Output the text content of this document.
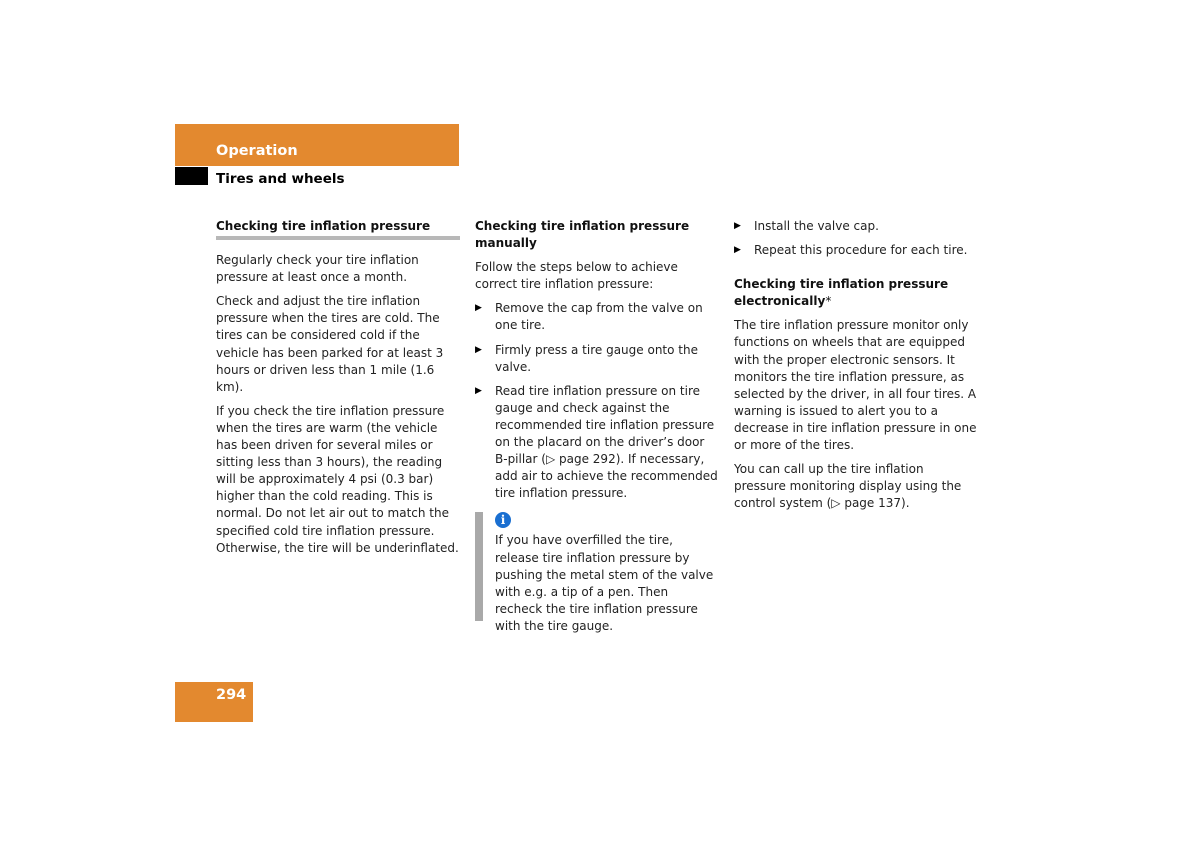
Operation
Tires and wheels
Checking tire inflation pressure

Regularly check your tire inflation pressure at least once a month.

Check and adjust the tire inflation pressure when the tires are cold. The tires can be considered cold if the vehicle has been parked for at least 3 hours or driven less than 1 mile (1.6 km).

If you check the tire inflation pressure when the tires are warm (the vehicle has been driven for several miles or sitting less than 3 hours), the reading will be approximately 4 psi (0.3 bar) higher than the cold reading. This is normal. Do not let air out to match the specified cold tire inflation pressure. Otherwise, the tire will be underinflated.

Checking tire inflation pressure manually

Follow the steps below to achieve correct tire inflation pressure:

▶ Remove the cap from the valve on one tire.
▶ Firmly press a tire gauge onto the valve.
▶ Read tire inflation pressure on tire gauge and check against the recommended tire inflation pressure on the placard on the driver’s door B-pillar (▷ page 292). If necessary, add air to achieve the recommended tire inflation pressure.
i
If you have overfilled the tire, release tire inflation pressure by pushing the metal stem of the valve with e.g. a tip of a pen. Then recheck the tire inflation pressure with the tire gauge.
▶ Install the valve cap.
▶ Repeat this procedure for each tire.
Checking tire inflation pressure electronically*

The tire inflation pressure monitor only functions on wheels that are equipped with the proper electronic sensors. It monitors the tire inflation pressure, as selected by the driver, in all four tires. A warning is issued to alert you to a decrease in tire inflation pressure in one or more of the tires.

You can call up the tire inflation pressure monitoring display using the control system (▷ page 137).

294
